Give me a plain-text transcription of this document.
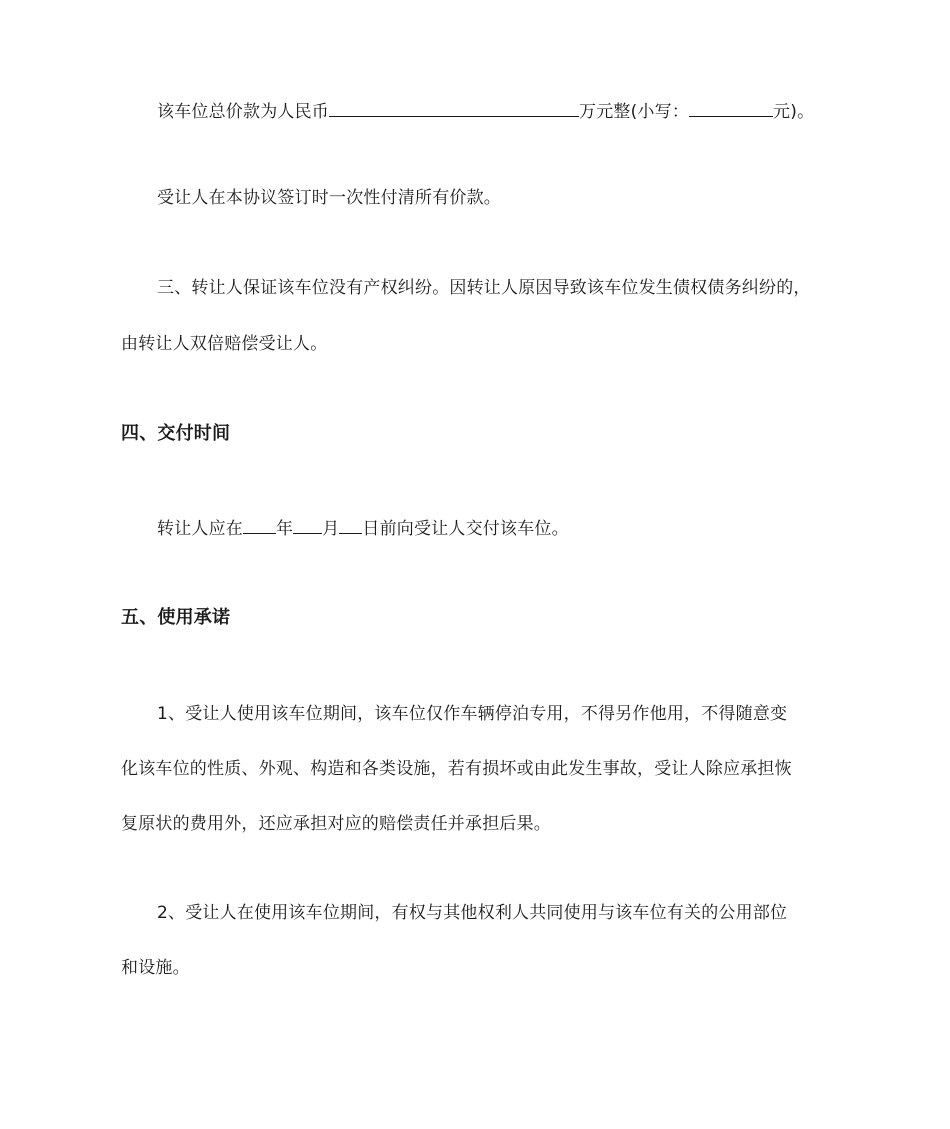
该车位总价款为人民币	万元整(小写：	元)。
受让人在本协议签订时一次性付清所有价款。
三、转让人保证该车位没有产权纠纷。因转让人原因导致该车位发生债权债务纠纷的，
由转让人双倍赔偿受让人。
四、交付时间
转让人应在 年 月 日前向受让人交付该车位。
五、使用承诺
1、受让人使用该车位期间，该车位仅作车辆停泊专用，不得另作他用，不得随意变
化该车位的性质、外观、构造和各类设施，若有损坏或由此发生事故，受让人除应承担恢
复原状的费用外，还应承担对应的赔偿责任并承担后果。
2、受让人在使用该车位期间，有权与其他权利人共同使用与该车位有关的公用部位
和设施。
